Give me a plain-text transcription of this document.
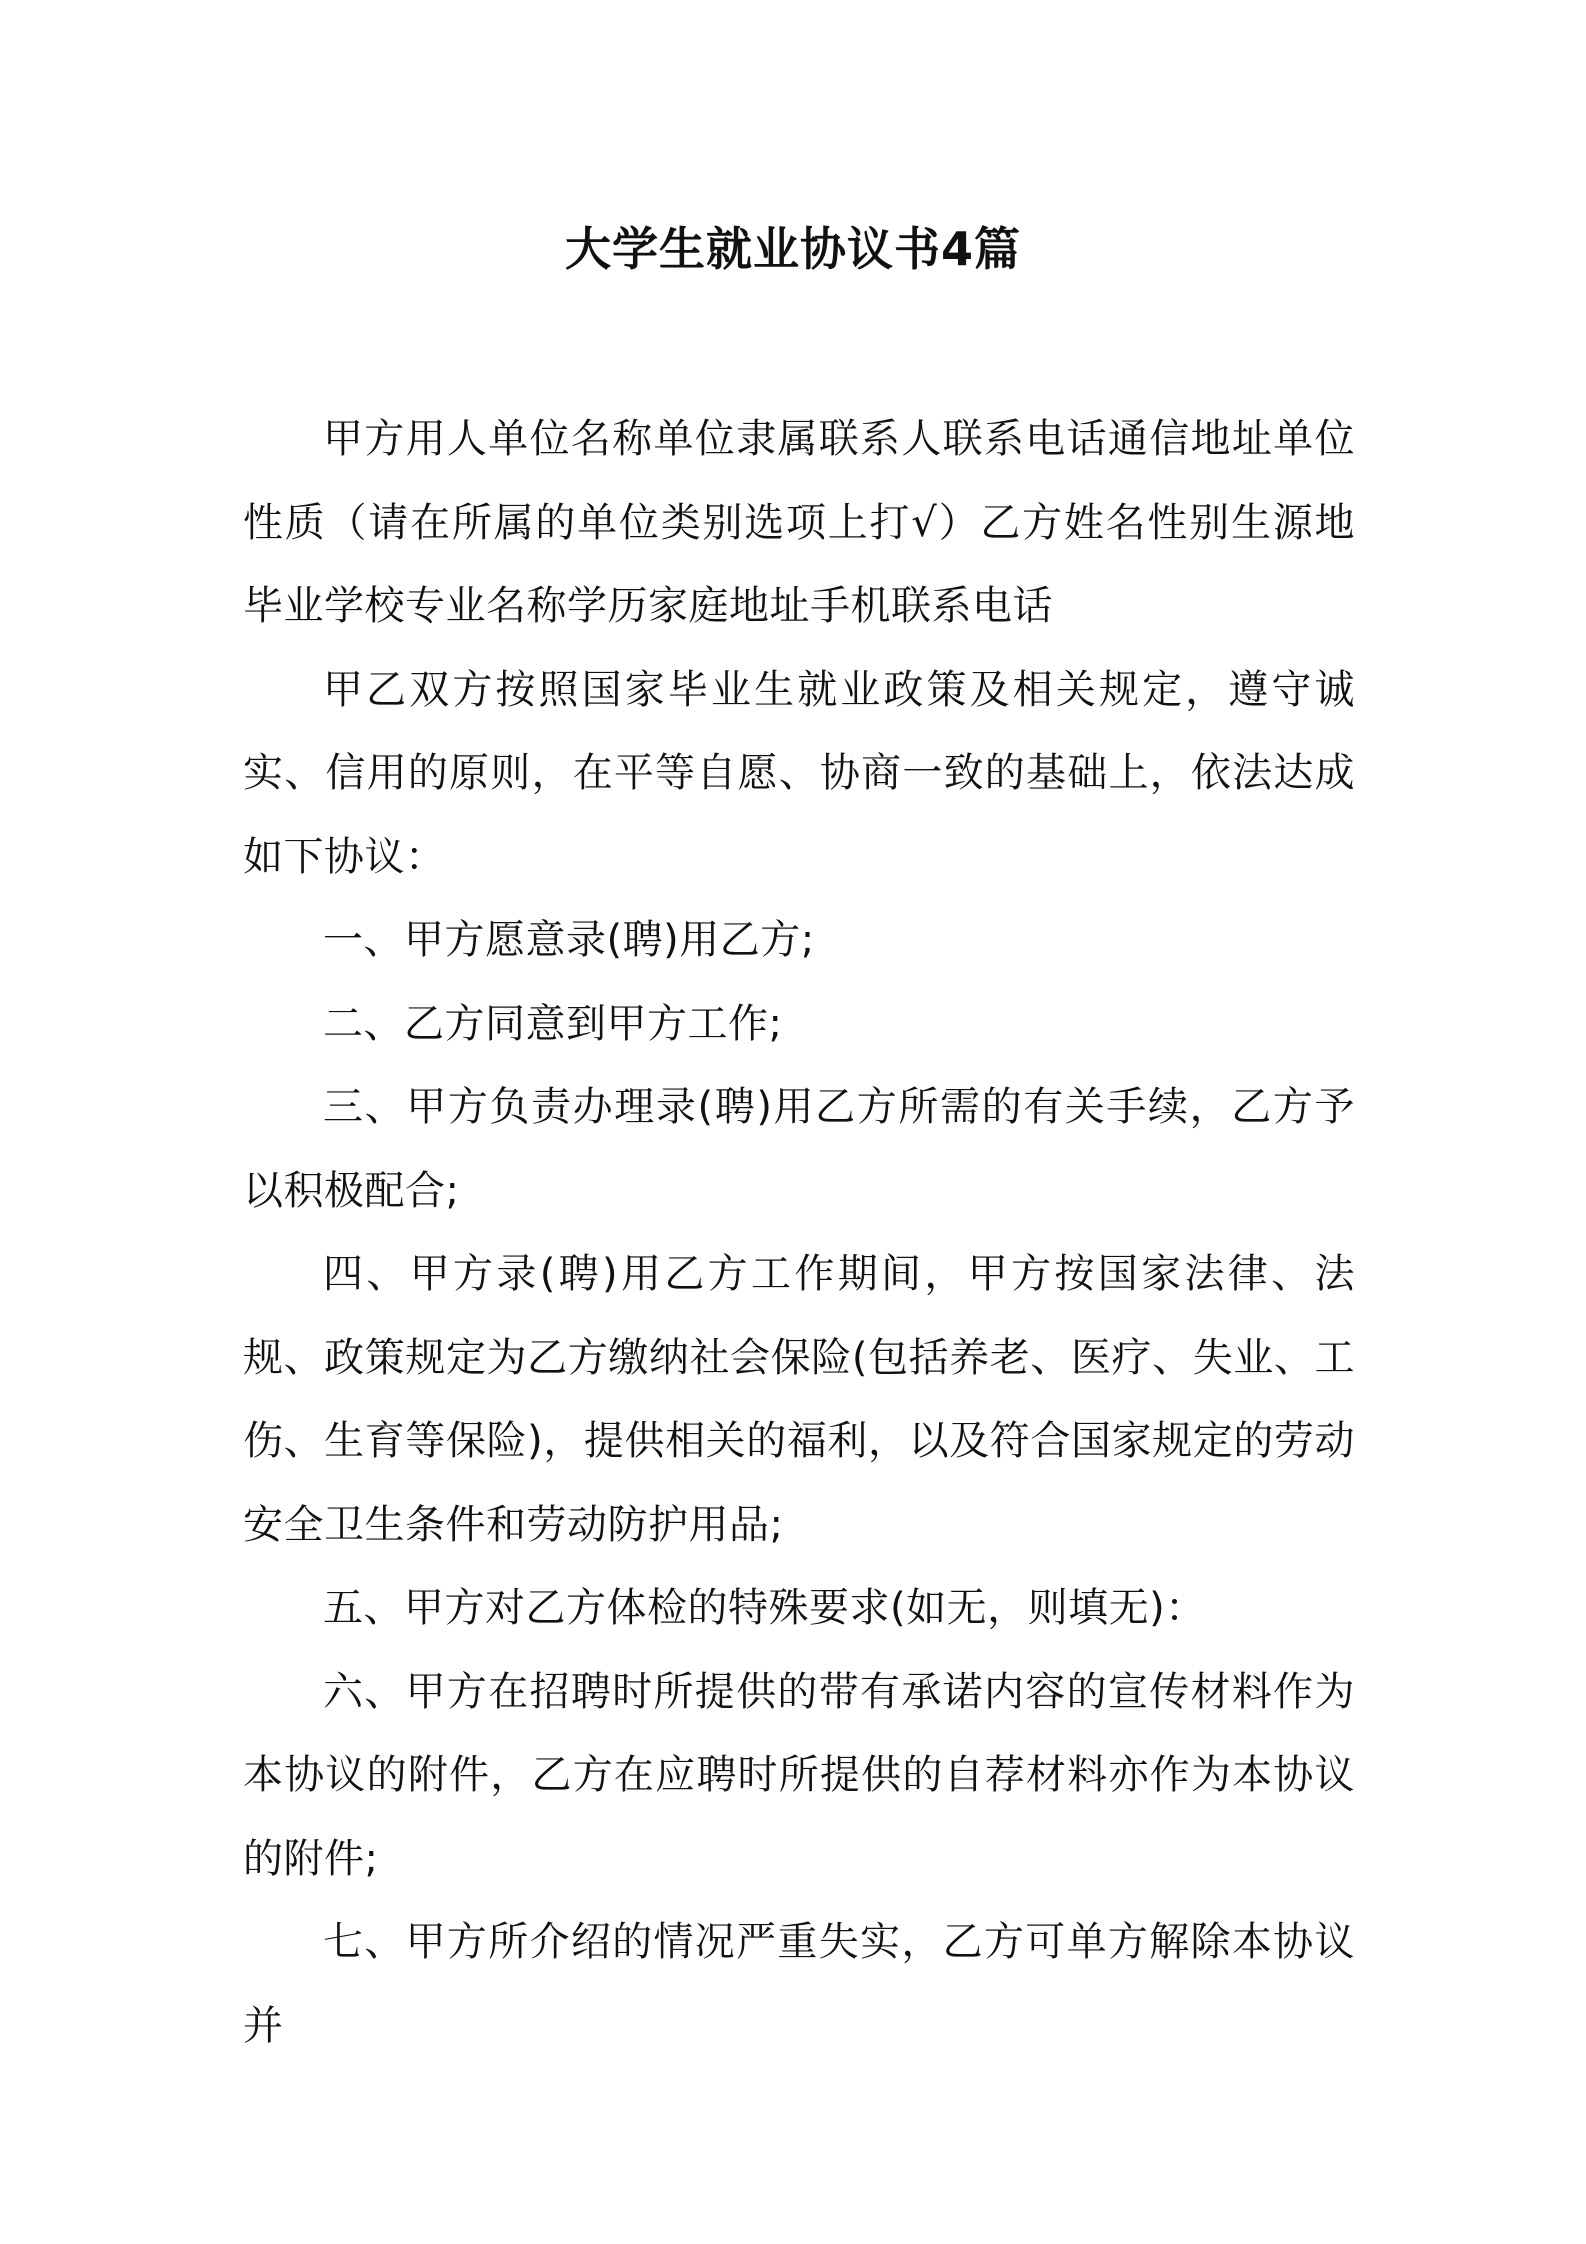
大学生就业协议书4篇

甲方用人单位名称单位隶属联系人联系电话通信地址单位性质（请在所属的单位类别选项上打√）乙方姓名性别生源地毕业学校专业名称学历家庭地址手机联系电话

甲乙双方按照国家毕业生就业政策及相关规定，遵守诚实、信用的原则，在平等自愿、协商一致的基础上，依法达成如下协议：

一、甲方愿意录(聘)用乙方;

二、乙方同意到甲方工作;

三、甲方负责办理录(聘)用乙方所需的有关手续，乙方予以积极配合;

四、甲方录(聘)用乙方工作期间，甲方按国家法律、法规、政策规定为乙方缴纳社会保险(包括养老、医疗、失业、工伤、生育等保险)，提供相关的福利，以及符合国家规定的劳动安全卫生条件和劳动防护用品;

五、甲方对乙方体检的特殊要求(如无，则填无)：

六、甲方在招聘时所提供的带有承诺内容的宣传材料作为本协议的附件，乙方在应聘时所提供的自荐材料亦作为本协议的附件;

七、甲方所介绍的情况严重失实，乙方可单方解除本协议并
